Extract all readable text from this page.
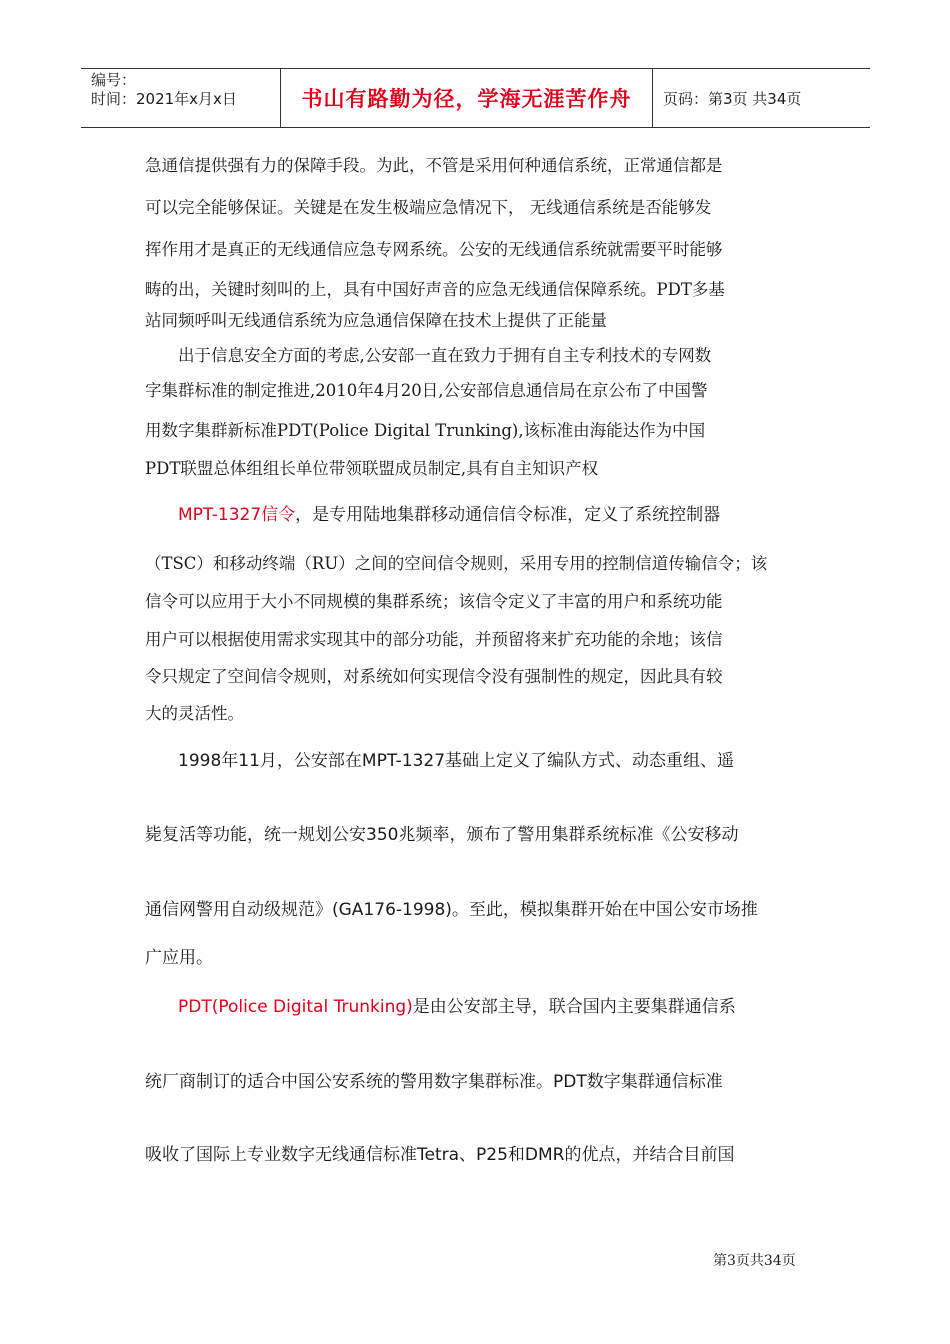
编号：
时间：2021年x月x日	书山有路勤为径，学海无涯苦作舟	页码：第3页 共34页

急通信提供强有力的保障手段。为此，不管是采用何种通信系统，正常通信都是

可以完全能够保证。关键是在发生极端应急情况下， 无线通信系统是否能够发

挥作用才是真正的无线通信应急专网系统。公安的无线通信系统就需要平时能够

畴的出，关键时刻叫的上，具有中国好声音的应急无线通信保障系统。PDT多基

站同频呼叫无线通信系统为应急通信保障在技术上提供了正能量

出于信息安全方面的考虑,公安部一直在致力于拥有自主专利技术的专网数

字集群标准的制定推进,2010年4月20日,公安部信息通信局在京公布了中国警

用数字集群新标准PDT(Police Digital Trunking),该标准由海能达作为中国

PDT联盟总体组组长单位带领联盟成员制定,具有自主知识产权

MPT-1327信令，是专用陆地集群移动通信信令标准，定义了系统控制器

（TSC）和移动终端（RU）之间的空间信令规则，采用专用的控制信道传输信令；该

信令可以应用于大小不同规模的集群系统；该信令定义了丰富的用户和系统功能

用户可以根据使用需求实现其中的部分功能，并预留将来扩充功能的余地；该信

令只规定了空间信令规则，对系统如何实现信令没有强制性的规定，因此具有较

大的灵活性。

1998年11月，公安部在MPT-1327基础上定义了编队方式、动态重组、遥

毙复活等功能，统一规划公安350兆频率，颁布了警用集群系统标准《公安移动

通信网警用自动级规范》(GA176-1998)。至此，模拟集群开始在中国公安市场推

广应用。

PDT(Police Digital Trunking)是由公安部主导，联合国内主要集群通信系

统厂商制订的适合中国公安系统的警用数字集群标准。PDT数字集群通信标准

吸收了国际上专业数字无线通信标准Tetra、P25和DMR的优点，并结合目前国

第3页共34页
